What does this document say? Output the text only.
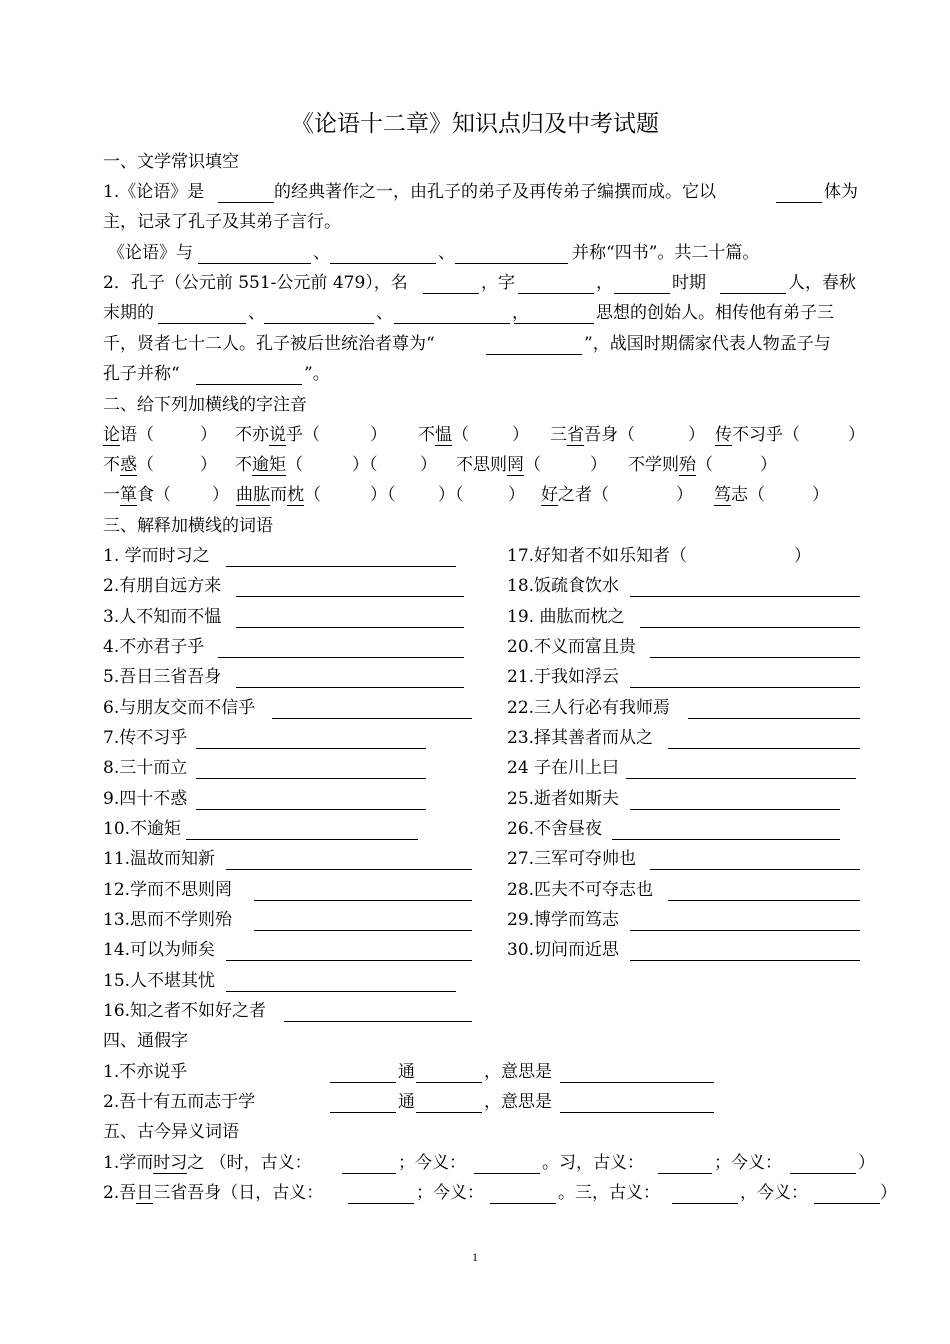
《论语十二章》知识点归及中考试题
一、文学常识填空
1.《论语》是	的经典著作之一，由孔子的弟子及再传弟子编撰而成。它以	体为
主，记录了孔子及其弟子言行。
《论语》与	、	、	并称“四书”。共二十篇。
2．孔子（公元前 551-公元前 479），名	，字	，	时期	人，春秋
末期的	、	、	，	思想的创始人。相传他有弟子三
千，贤者七十二人。孔子被后世统治者尊为“	”，战国时期儒家代表人物孟子与
孔子并称“	”。
二、给下列加横线的字注音
论语（	） 不亦说乎（	） 不愠（	） 三省吾身（	） 传不习乎（	）
不惑（	） 不逾矩（	）（	） 不思则罔（	） 不学则殆（	）
一箪食（ ） 曲肱而枕（	）（	）（	） 好之者（	） 笃志（	）
三、解释加横线的词语
1. 学而时习之
2.有朋自远方来
3.人不知而不愠
4.不亦君子乎
5.吾日三省吾身
6.与朋友交而不信乎
7.传不习乎
8.三十而立
9.四十不惑
10.不逾矩
11.温故而知新
12.学而不思则罔
13.思而不学则殆
14.可以为师矣
15.人不堪其忧
16.知之者不如好之者
17.好知者不如乐知者（	）
18.饭疏食饮水
19. 曲肱而枕之
20.不义而富且贵
21.于我如浮云
22.三人行必有我师焉
23.择其善者而从之
24 子在川上曰
25.逝者如斯夫
26.不舍昼夜
27.三军可夺帅也
28.匹夫不可夺志也
29.博学而笃志
30.切问而近思
四、通假字
1.不亦说乎	通	，意思是
2.吾十有五而志于学	通	，意思是
五、古今异义词语
1.学而时习之 （时，古义：	；今义：	。习，古义：	；今义：	）
2.吾日三省吾身（日，古义：	；今义：	。三，古义：	，今义：	）
1
